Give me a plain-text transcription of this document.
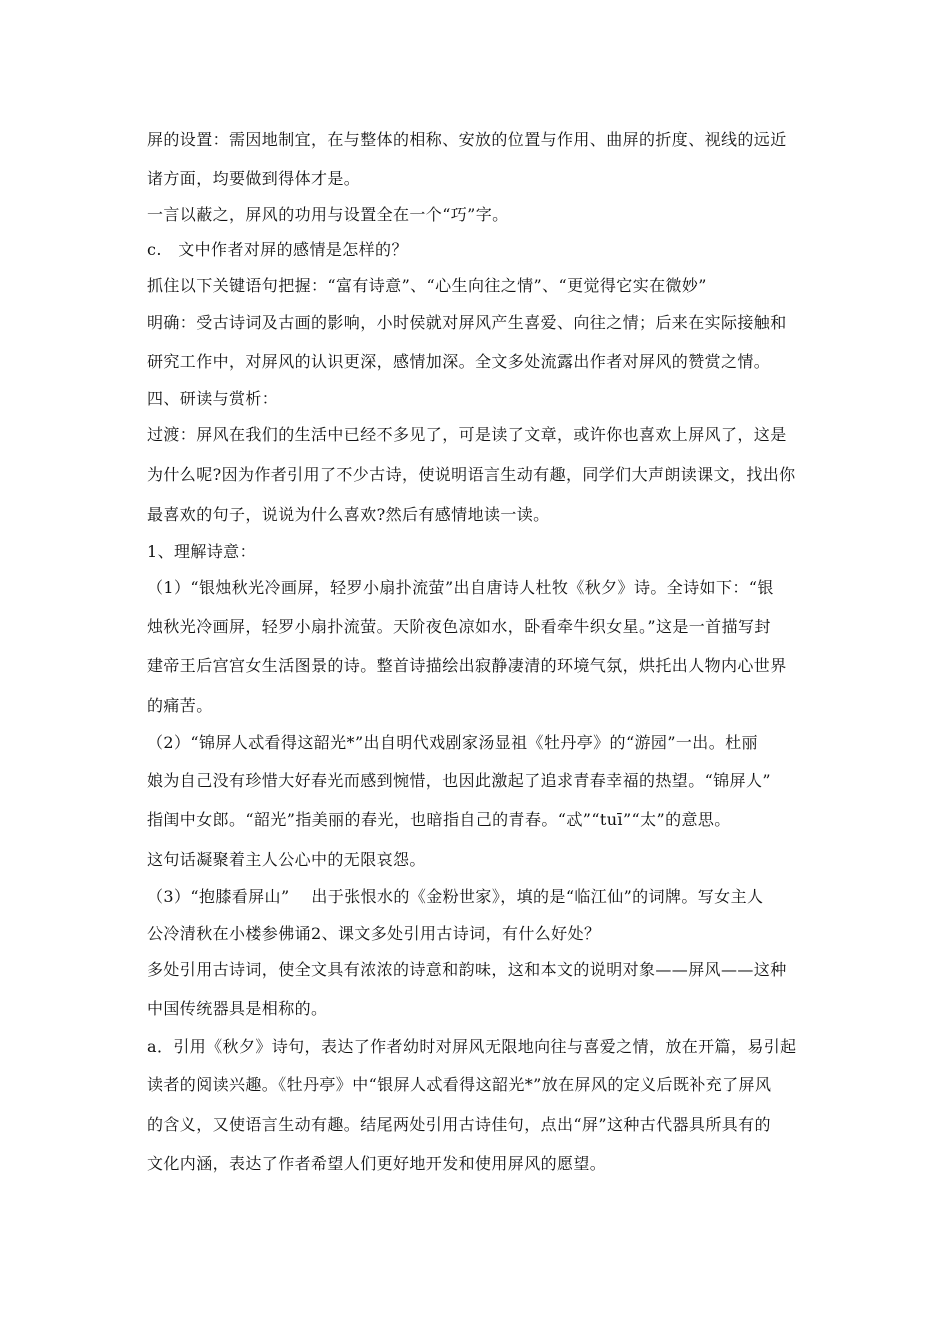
屏的设置：需因地制宜，在与整体的相称、安放的位置与作用、曲屏的折度、视线的远近
诸方面，均要做到得体才是。
一言以蔽之，屏风的功用与设置全在一个“巧”字。
c.　文中作者对屏的感情是怎样的？
抓住以下关键语句把握：“富有诗意”、“心生向往之情”、“更觉得它实在微妙”
明确：受古诗词及古画的影响，小时侯就对屏风产生喜爱、向往之情；后来在实际接触和
研究工作中，对屏风的认识更深，感情加深。全文多处流露出作者对屏风的赞赏之情。
四、研读与赏析：
过渡：屏风在我们的生活中已经不多见了，可是读了文章，或许你也喜欢上屏风了，这是
为什么呢?因为作者引用了不少古诗，使说明语言生动有趣，同学们大声朗读课文，找出你
最喜欢的句子，说说为什么喜欢?然后有感情地读一读。
1、理解诗意：
（1）“银烛秋光冷画屏，轻罗小扇扑流萤”出自唐诗人杜牧《秋夕》诗。全诗如下：“银
烛秋光冷画屏，轻罗小扇扑流萤。天阶夜色凉如水，卧看牵牛织女星。”这是一首描写封
建帝王后宫宫女生活图景的诗。整首诗描绘出寂静凄清的环境气氛，烘托出人物内心世界
的痛苦。
（2）“锦屏人忒看得这韶光*”出自明代戏剧家汤显祖《牡丹亭》的“游园”一出。杜丽
娘为自己没有珍惜大好春光而感到惋惜，也因此激起了追求青春幸福的热望。“锦屏人”
指闺中女郎。“韶光”指美丽的春光，也暗指自己的青春。“忒”“tuī”“太”的意思。
这句话凝聚着主人公心中的无限哀怨。
（3）“抱膝看屏山”　 出于张恨水的《金粉世家》，填的是“临江仙”的词牌。写女主人
公冷清秋在小楼参佛诵2、课文多处引用古诗词，有什么好处？
多处引用古诗词，使全文具有浓浓的诗意和韵味，这和本文的说明对象——屏风——这种
中国传统器具是相称的。
a．引用《秋夕》诗句，表达了作者幼时对屏风无限地向往与喜爱之情，放在开篇，易引起
读者的阅读兴趣。《牡丹亭》中“银屏人忒看得这韶光*”放在屏风的定义后既补充了屏风
的含义，又使语言生动有趣。结尾两处引用古诗佳句，点出“屏”这种古代器具所具有的
文化内涵，表达了作者希望人们更好地开发和使用屏风的愿望。
